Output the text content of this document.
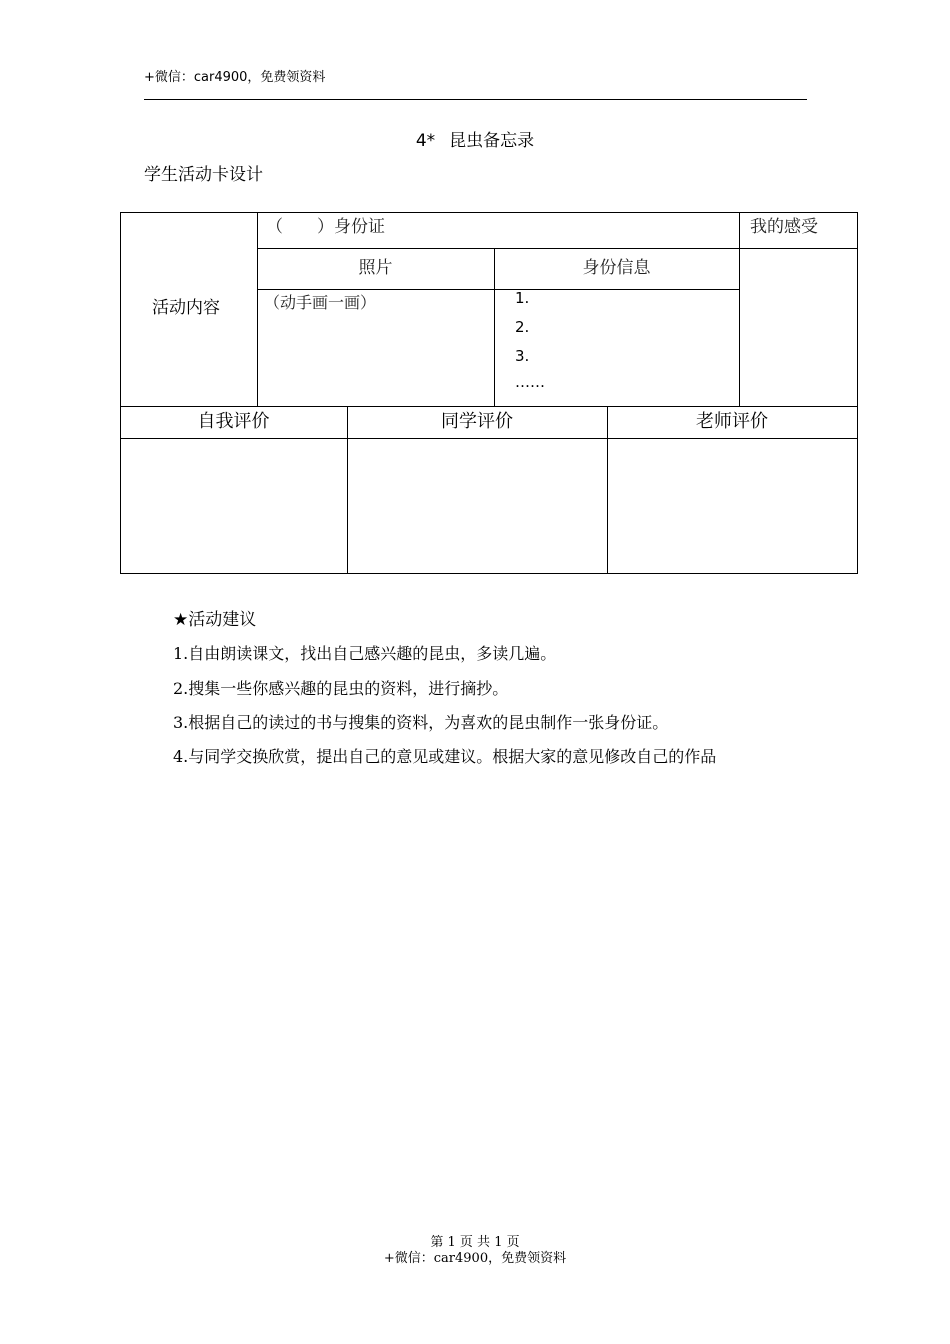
+微信：car4900，免费领资料
4* 昆虫备忘录
学生活动卡设计
活动内容
（　　）身份证	我的感受
照片	身份信息
（动手画一画）	1.
2.
3.
……
自我评价	同学评价	老师评价
★活动建议
1.自由朗读课文，找出自己感兴趣的昆虫，多读几遍。
2.搜集一些你感兴趣的昆虫的资料，进行摘抄。
3.根据自己的读过的书与搜集的资料，为喜欢的昆虫制作一张身份证。
4.与同学交换欣赏，提出自己的意见或建议。根据大家的意见修改自己的作品
第 1 页 共 1 页
+微信：car4900，免费领资料
